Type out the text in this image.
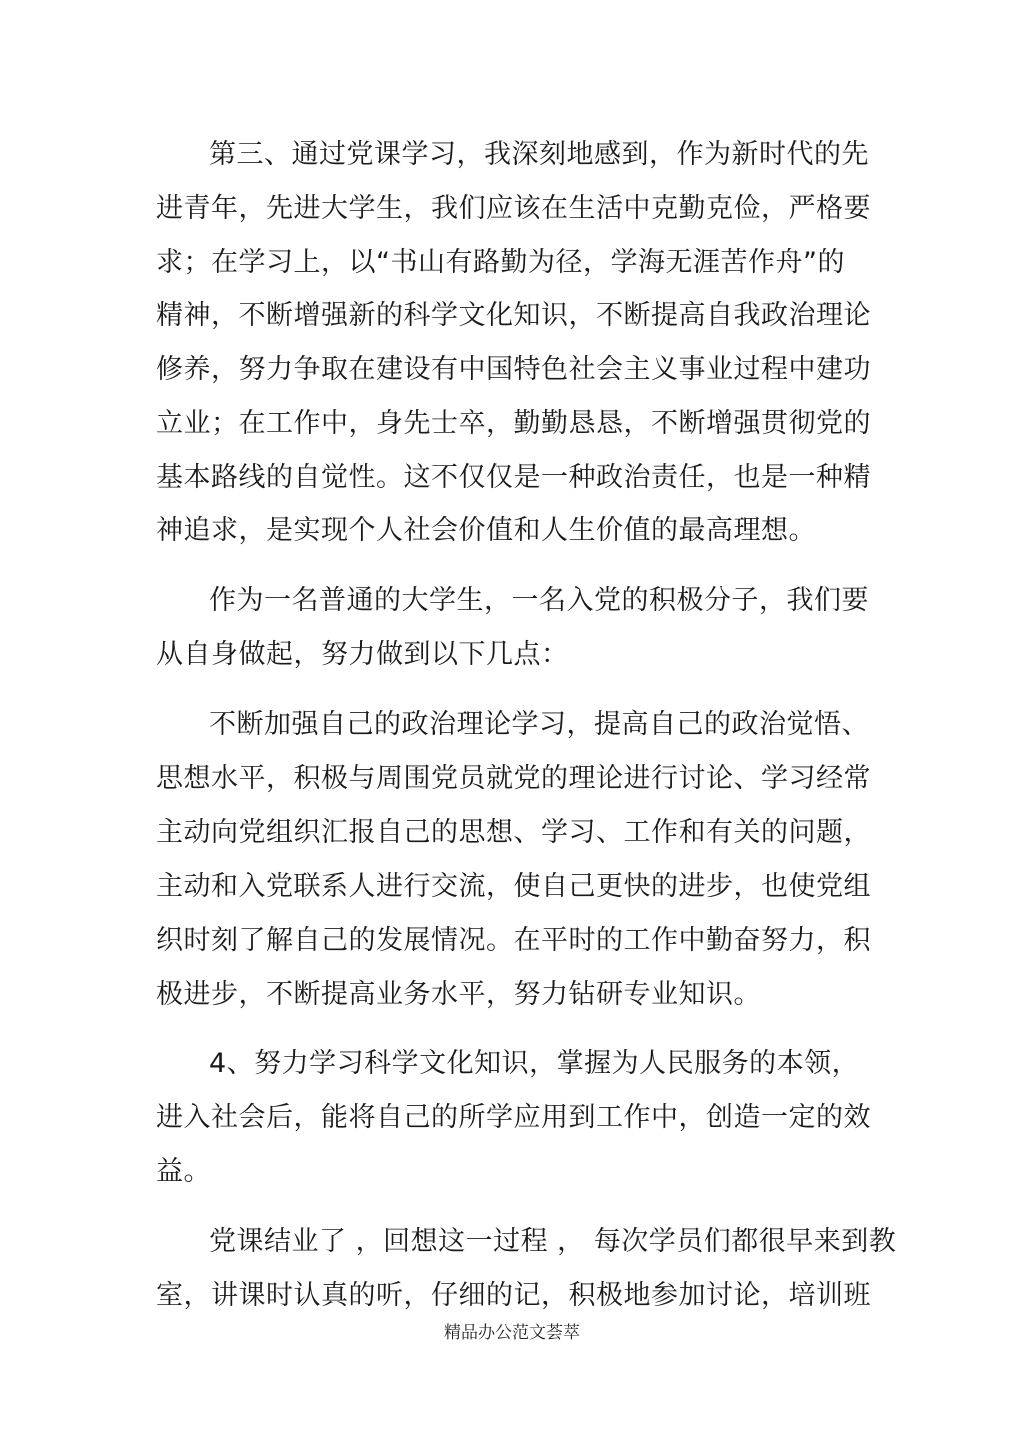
第三、通过党课学习，我深刻地感到，作为新时代的先
进青年，先进大学生，我们应该在生活中克勤克俭，严格要
求；在学习上，以“书山有路勤为径，学海无涯苦作舟”的
精神，不断增强新的科学文化知识，不断提高自我政治理论
修养，努力争取在建设有中国特色社会主义事业过程中建功
立业；在工作中，身先士卒，勤勤恳恳，不断增强贯彻党的
基本路线的自觉性。这不仅仅是一种政治责任，也是一种精
神追求，是实现个人社会价值和人生价值的最高理想。
作为一名普通的大学生，一名入党的积极分子，我们要
从自身做起，努力做到以下几点：
不断加强自己的政治理论学习，提高自己的政治觉悟、
思想水平，积极与周围党员就党的理论进行讨论、学习经常
主动向党组织汇报自己的思想、学习、工作和有关的问题，
主动和入党联系人进行交流，使自己更快的进步，也使党组
织时刻了解自己的发展情况。在平时的工作中勤奋努力，积
极进步，不断提高业务水平，努力钻研专业知识。
4、努力学习科学文化知识，掌握为人民服务的本领，
进入社会后，能将自己的所学应用到工作中，创造一定的效
益。
党课结业了 ，回想这一过程 ， 每次学员们都很早来到教
室，讲课时认真的听，仔细的记，积极地参加讨论，培训班
精品办公范文荟萃
